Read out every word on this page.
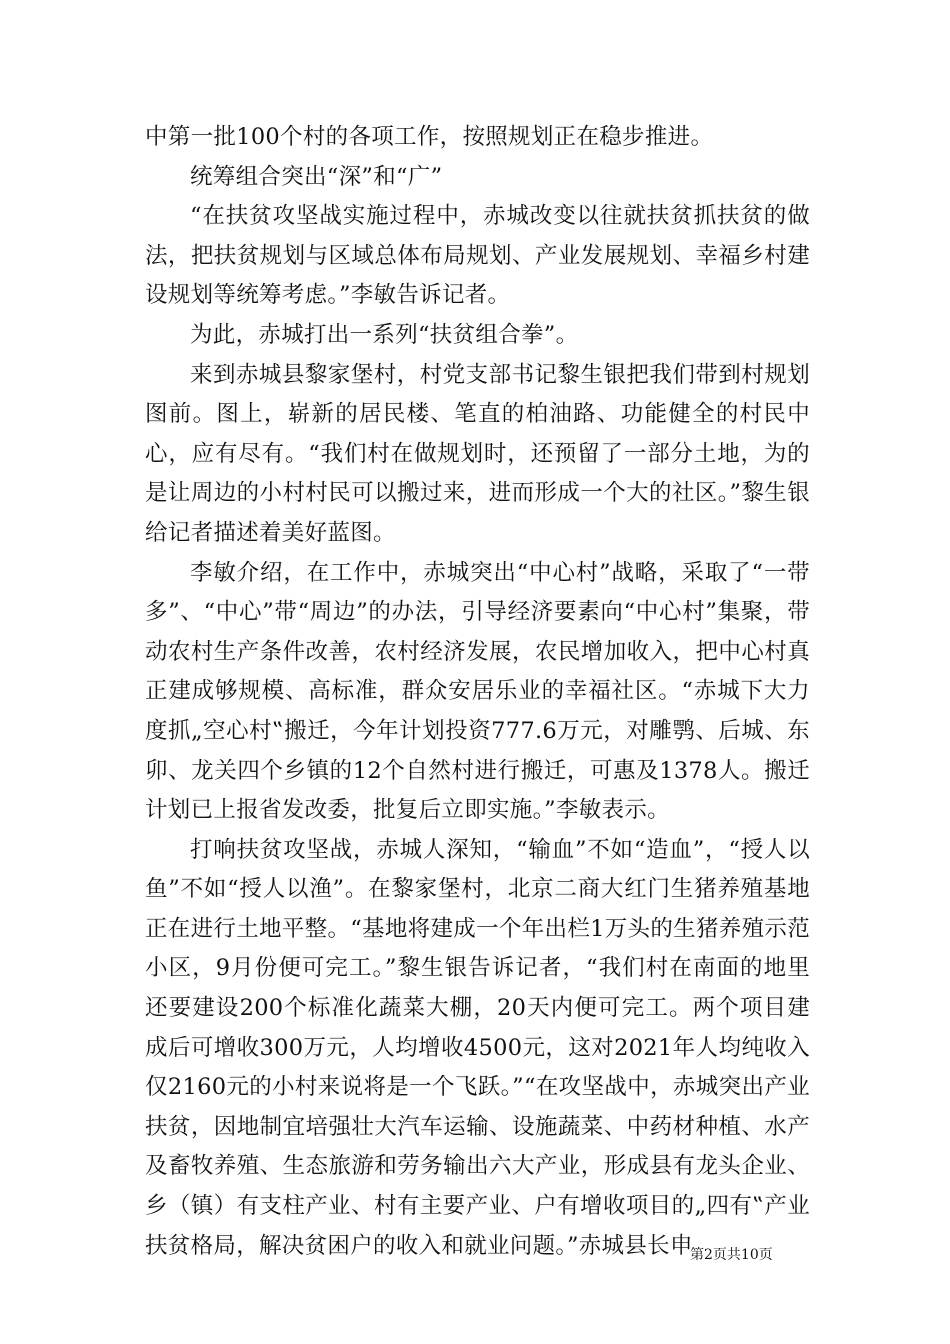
中第一批100个村的各项工作，按照规划正在稳步推进。

统筹组合突出“深”和“广”

“在扶贫攻坚战实施过程中，赤城改变以往就扶贫抓扶贫的做法，把扶贫规划与区域总体布局规划、产业发展规划、幸福乡村建设规划等统筹考虑。”李敏告诉记者。

为此，赤城打出一系列“扶贫组合拳”。

来到赤城县黎家堡村，村党支部书记黎生银把我们带到村规划图前。图上，崭新的居民楼、笔直的柏油路、功能健全的村民中心，应有尽有。“我们村在做规划时，还预留了一部分土地，为的是让周边的小村村民可以搬过来，进而形成一个大的社区。”黎生银给记者描述着美好蓝图。

李敏介绍，在工作中，赤城突出“中心村”战略，采取了“一带多”、“中心”带“周边”的办法，引导经济要素向“中心村”集聚，带动农村生产条件改善，农村经济发展，农民增加收入，把中心村真正建成够规模、高标准，群众安居乐业的幸福社区。“赤城下大力度抓„空心村‟搬迁，今年计划投资777.6万元，对雕鹗、后城、东卯、龙关四个乡镇的12个自然村进行搬迁，可惠及1378人。搬迁计划已上报省发改委，批复后立即实施。”李敏表示。

打响扶贫攻坚战，赤城人深知，“输血”不如“造血”，“授人以鱼”不如“授人以渔”。在黎家堡村，北京二商大红门生猪养殖基地正在进行土地平整。“基地将建成一个年出栏1万头的生猪养殖示范小区，9月份便可完工。”黎生银告诉记者，“我们村在南面的地里还要建设200个标准化蔬菜大棚，20天内便可完工。两个项目建成后可增收300万元，人均增收4500元，这对2021年人均纯收入仅2160元的小村来说将是一个飞跃。”“在攻坚战中，赤城突出产业扶贫，因地制宜培强壮大汽车运输、设施蔬菜、中药材种植、水产及畜牧养殖、生态旅游和劳务输出六大产业，形成县有龙头企业、乡（镇）有支柱产业、村有主要产业、户有增收项目的„四有‟产业扶贫格局，解决贫困户的收入和就业问题。”赤城县长申

第2页共10页
